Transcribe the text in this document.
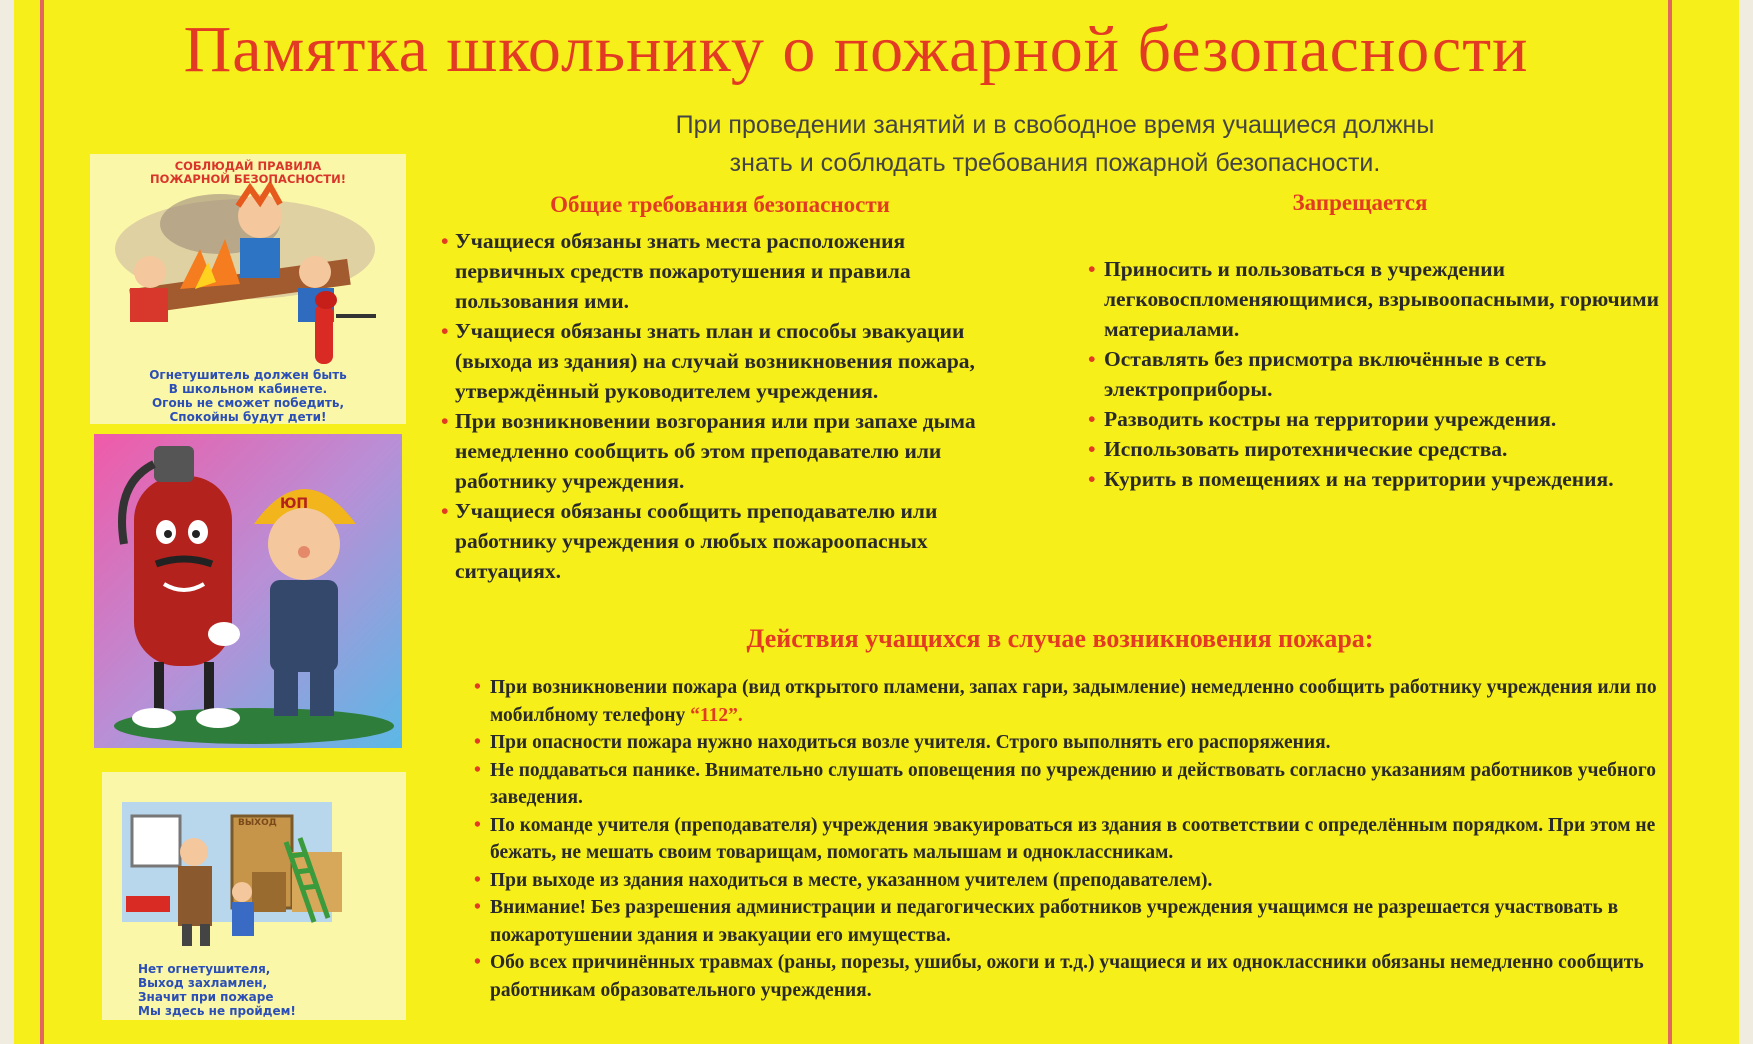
Памятка школьнику о пожарной безопасности
При проведении занятий и в свободное время учащиеся должны
знать и соблюдать требования пожарной безопасности.
СОБЛЮДАЙ ПРАВИЛА
ПОЖАРНОЙ БЕЗОПАСНОСТИ!
Огнетушитель должен быть
В школьном кабинете.
Огонь не сможет победить,
Спокойны будут дети!
ЮП
ВЫХОД
Нет огнетушителя,
Выход захламлен,
Значит при пожаре
Мы здесь не пройдем!
Общие требования безопасности
• Учащиеся обязаны знать места расположения первичных средств пожаротушения и правила пользования ими.
• Учащиеся обязаны знать план и способы эвакуации (выхода из здания) на случай возникновения пожара, утверждённый руководителем учреждения.
• При возникновении возгорания или при запахе дыма немедленно сообщить об этом преподавателю или работнику учреждения.
• Учащиеся обязаны сообщить преподавателю или работнику учреждения о любых пожароопасных ситуациях.
Запрещается
• Приносить и пользоваться в учреждении легковоспломеняющимися, взрывоопасными, горючими материалами.
• Оставлять без присмотра включённые в сеть электроприборы.
• Разводить костры на территории учреждения.
• Использовать пиротехнические средства.
• Курить в помещениях и на территории учреждения.
Действия учащихся в случае возникновения пожара:
• При возникновении пожара (вид открытого пламени, запах гари, задымление) немедленно сообщить работнику учреждения или по мобилбному телефону “112”.
• При опасности пожара нужно находиться возле учителя. Строго выполнять его распоряжения.
• Не поддаваться панике. Внимательно слушать оповещения по учреждению и действовать согласно указаниям работников учебного заведения.
• По команде учителя (преподавателя) учреждения эвакуироваться из здания в соответствии с определённым порядком. При этом не бежать, не мешать своим товарищам, помогать малышам и одноклассникам.
• При выходе из здания находиться в месте, указанном учителем (преподавателем).
• Внимание! Без разрешения администрации и педагогических работников учреждения учащимся не разрешается участвовать в пожаротушении здания и эвакуации его имущества.
• Обо всех причинённых травмах (раны, порезы, ушибы, ожоги и т.д.) учащиеся и их одноклассники обязаны немедленно сообщить работникам образовательного учреждения.
